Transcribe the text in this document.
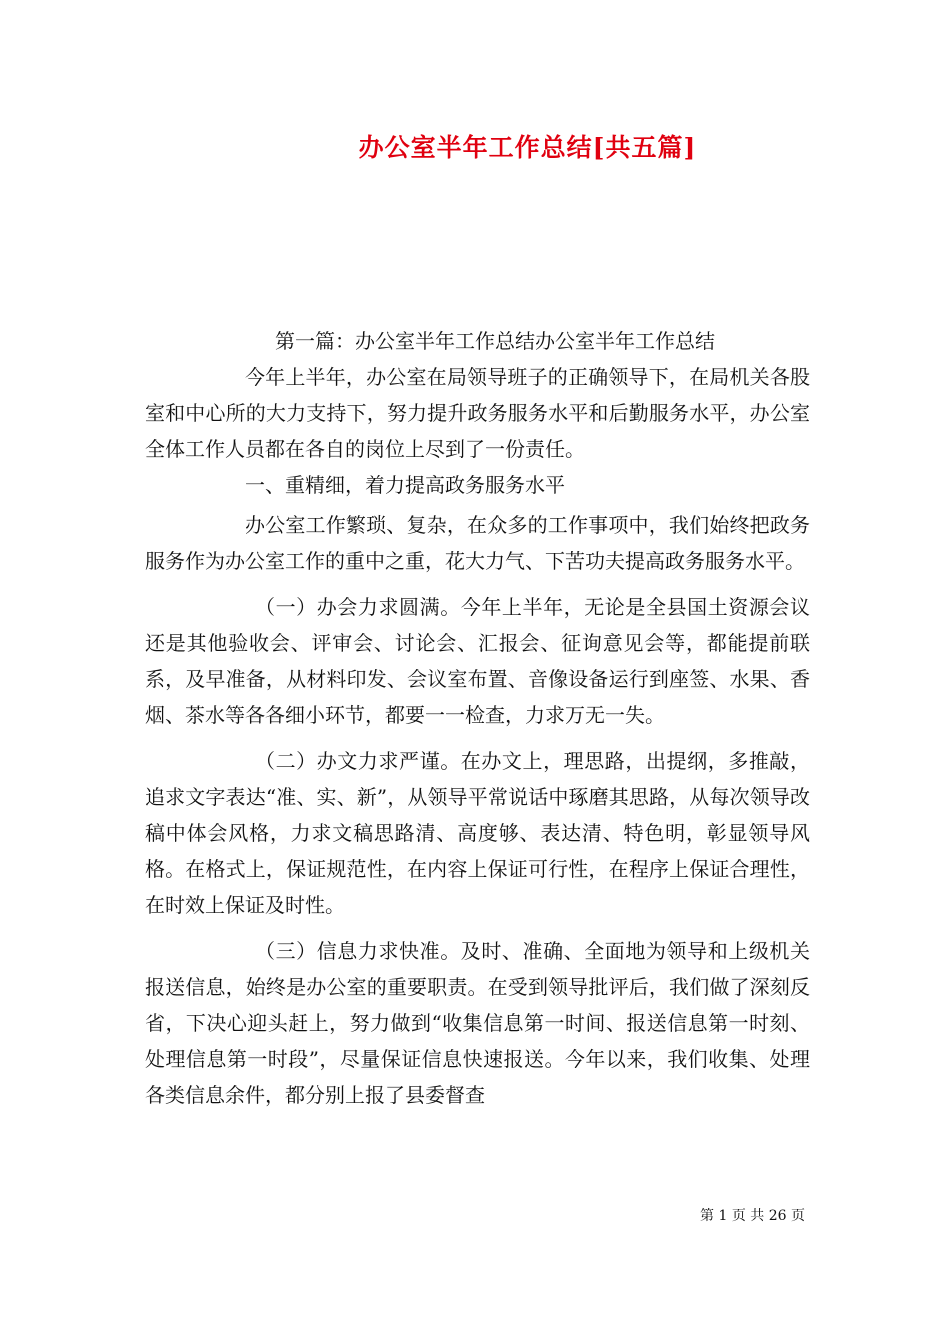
办公室半年工作总结[共五篇]

第一篇：办公室半年工作总结办公室半年工作总结

今年上半年，办公室在局领导班子的正确领导下，在局机关各股室和中心所的大力支持下，努力提升政务服务水平和后勤服务水平，办公室全体工作人员都在各自的岗位上尽到了一份责任。

一、重精细，着力提高政务服务水平

办公室工作繁琐、复杂，在众多的工作事项中，我们始终把政务服务作为办公室工作的重中之重，花大力气、下苦功夫提高政务服务水平。

（一）办会力求圆满。今年上半年，无论是全县国土资源会议还是其他验收会、评审会、讨论会、汇报会、征询意见会等，都能提前联系，及早准备，从材料印发、会议室布置、音像设备运行到座签、水果、香烟、茶水等各各细小环节，都要一一检查，力求万无一失。

（二）办文力求严谨。在办文上，理思路，出提纲，多推敲，追求文字表达“准、实、新”，从领导平常说话中琢磨其思路，从每次领导改稿中体会风格，力求文稿思路清、高度够、表达清、特色明，彰显领导风格。在格式上，保证规范性，在内容上保证可行性，在程序上保证合理性，在时效上保证及时性。

（三）信息力求快准。及时、准确、全面地为领导和上级机关报送信息，始终是办公室的重要职责。在受到领导批评后，我们做了深刻反省，下决心迎头赶上，努力做到“收集信息第一时间、报送信息第一时刻、处理信息第一时段”，尽量保证信息快速报送。今年以来，我们收集、处理各类信息余件，都分别上报了县委督查

第 1 页 共 26 页
